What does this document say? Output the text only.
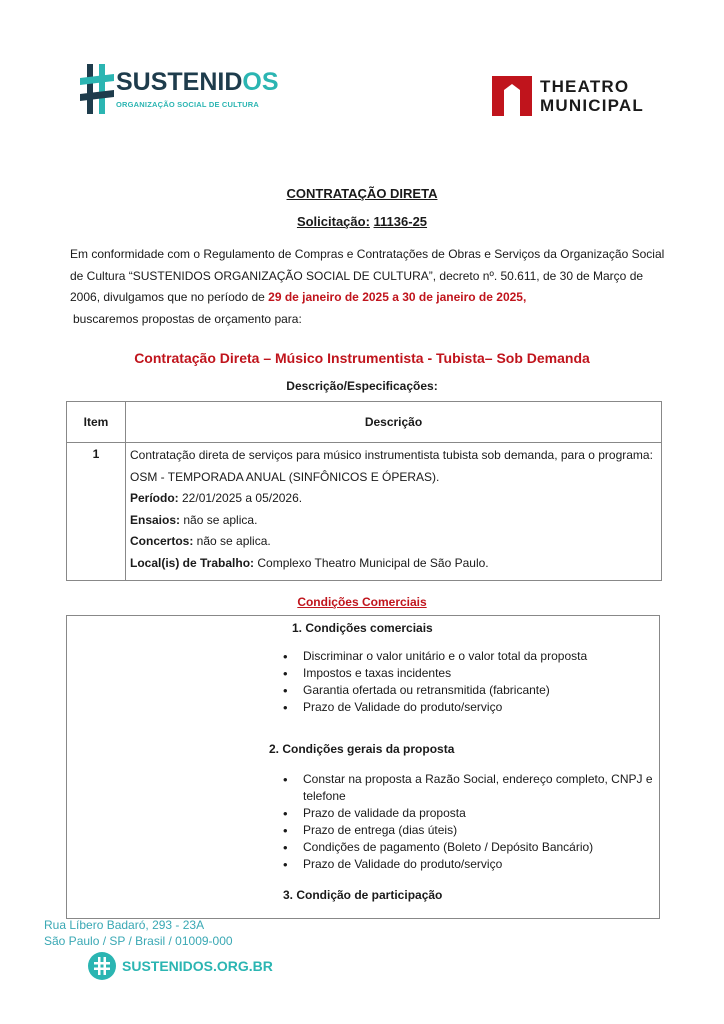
SUSTENIDOS
ORGANIZAÇÃO SOCIAL DE CULTURA
THEATRO
MUNICIPAL
CONTRATAÇÃO DIRETA
Solicitação: 11136-25
Em conformidade com o Regulamento de Compras e Contratações de Obras e Serviços da Organização Social de Cultura “SUSTENIDOS ORGANIZAÇÃO SOCIAL DE CULTURA”, decreto nº. 50.611, de 30 de Março de 2006, divulgamos que no período de 29 de janeiro de 2025 a 30 de janeiro de 2025,
buscaremos propostas de orçamento para:
Contratação Direta – Músico Instrumentista - Tubista– Sob Demanda
Descrição/Especificações:
Item	Descrição
1	Contratação direta de serviços para músico instrumentista tubista sob demanda, para o programa: OSM - TEMPORADA ANUAL (SINFÔNICOS E ÓPERAS).
Período: 22/01/2025 a 05/2026.
Ensaios: não se aplica.
Concertos: não se aplica.
Local(is) de Trabalho: Complexo Theatro Municipal de São Paulo.
Condições Comerciais
1. Condições comerciais
• Discriminar o valor unitário e o valor total da proposta
• Impostos e taxas incidentes
• Garantia ofertada ou retransmitida (fabricante)
• Prazo de Validade do produto/serviço
2. Condições gerais da proposta
• Constar na proposta a Razão Social, endereço completo, CNPJ e telefone
• Prazo de validade da proposta
• Prazo de entrega (dias úteis)
• Condições de pagamento (Boleto / Depósito Bancário)
• Prazo de Validade do produto/serviço
3. Condição de participação
Rua Líbero Badaró, 293 - 23A
São Paulo / SP / Brasil / 01009-000
SUSTENIDOS.ORG.BR
